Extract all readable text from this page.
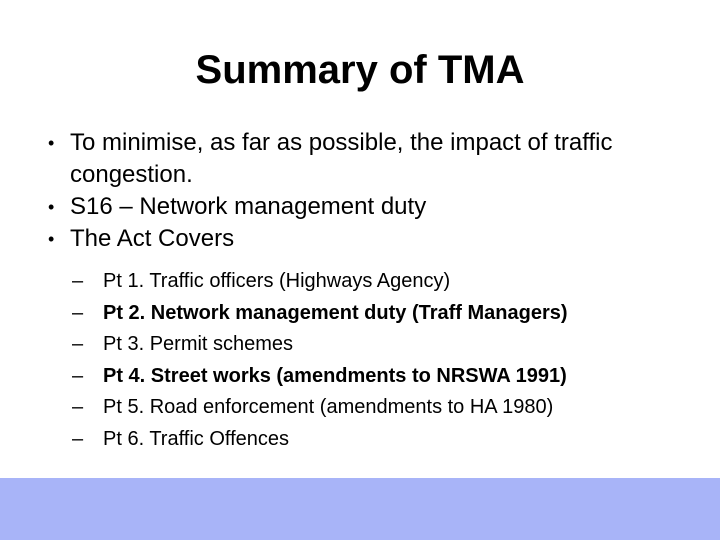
Summary of TMA
• To minimise, as far as possible, the impact of traffic congestion.
• S16 – Network management duty
• The Act Covers
– Pt 1. Traffic officers (Highways Agency)
– Pt 2. Network management duty (Traff Managers)
– Pt 3. Permit schemes
– Pt 4. Street works (amendments to NRSWA 1991)
– Pt 5. Road enforcement (amendments to HA 1980)
– Pt 6. Traffic Offences
